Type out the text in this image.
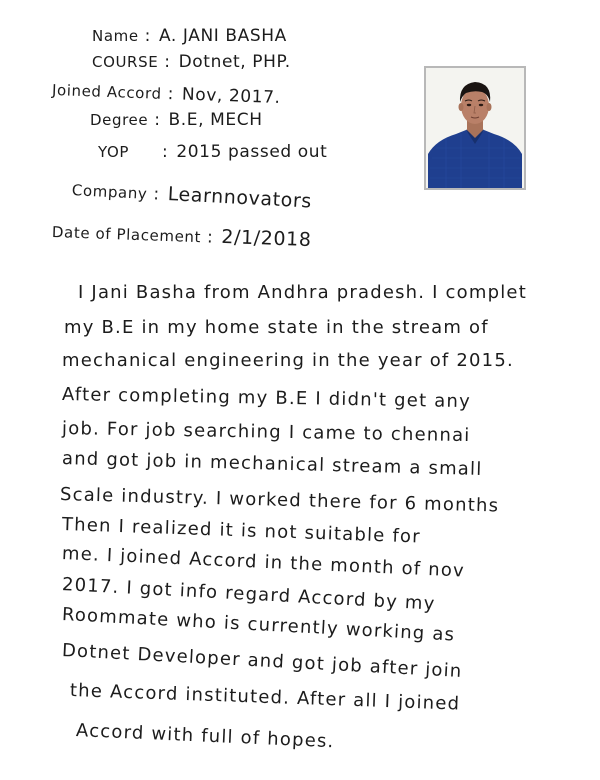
Name : A. JANI BASHA
COURSE : Dotnet, PHP.
Joined Accord : Nov, 2017.
Degree : B.E, MECH
YOP : 2015 passed out
Company : Learnnovators
Date of Placement : 2/1/2018
I Jani Basha from Andhra pradesh. I complet
my B.E in my home state in the stream of
mechanical engineering in the year of 2015.
After completing my B.E I didn't get any
job. For job searching I came to chennai
and got job in mechanical stream a small
Scale industry. I worked there for 6 months
Then I realized it is not suitable for
me. I joined Accord in the month of nov
2017. I got info regard Accord by my
Roommate who is currently working as
Dotnet Developer and got job after join
the Accord instituted. After all I joined
Accord with full of hopes.
